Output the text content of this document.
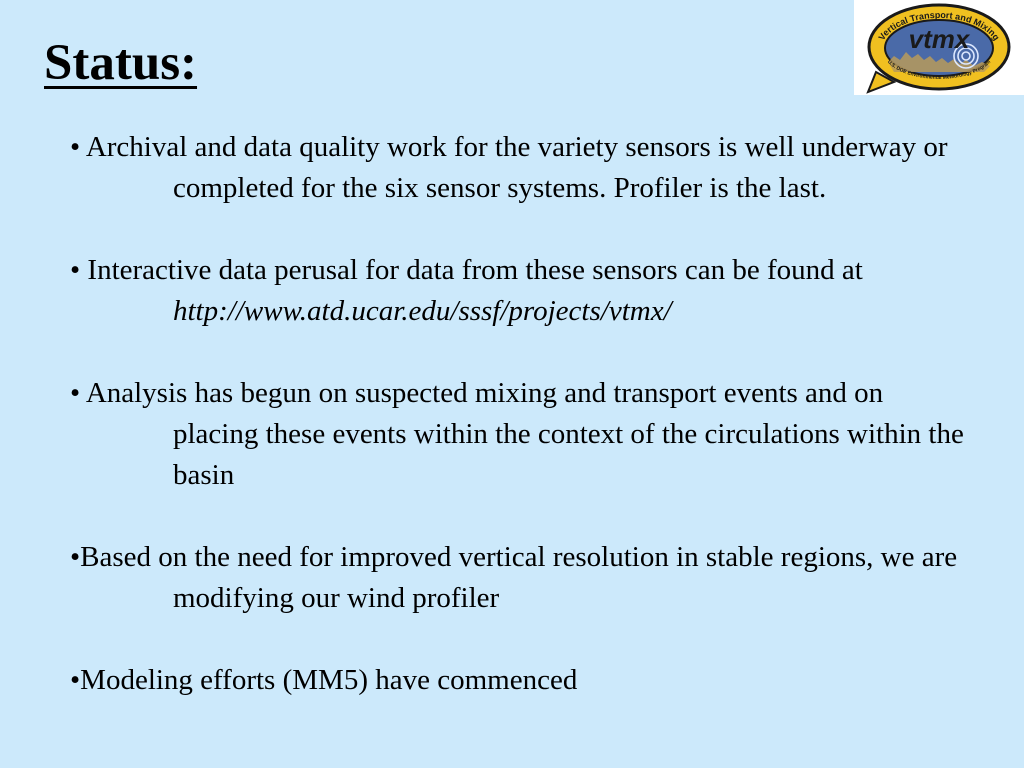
Status:	vtmx
Vertical Transport and Mixing
U.S. DOE Environmental Meteorology Program
• Archival and data quality work for the variety sensors is well underway or completed for the six sensor systems. Profiler is the last.
• Interactive data perusal for data from these sensors can be found at http://www.atd.ucar.edu/sssf/projects/vtmx/
• Analysis has begun on suspected mixing and transport events and on placing these events within the context of the circulations within the basin
•Based on the need for improved vertical resolution in stable regions, we are modifying our wind profiler
•Modeling efforts (MM5) have commenced
